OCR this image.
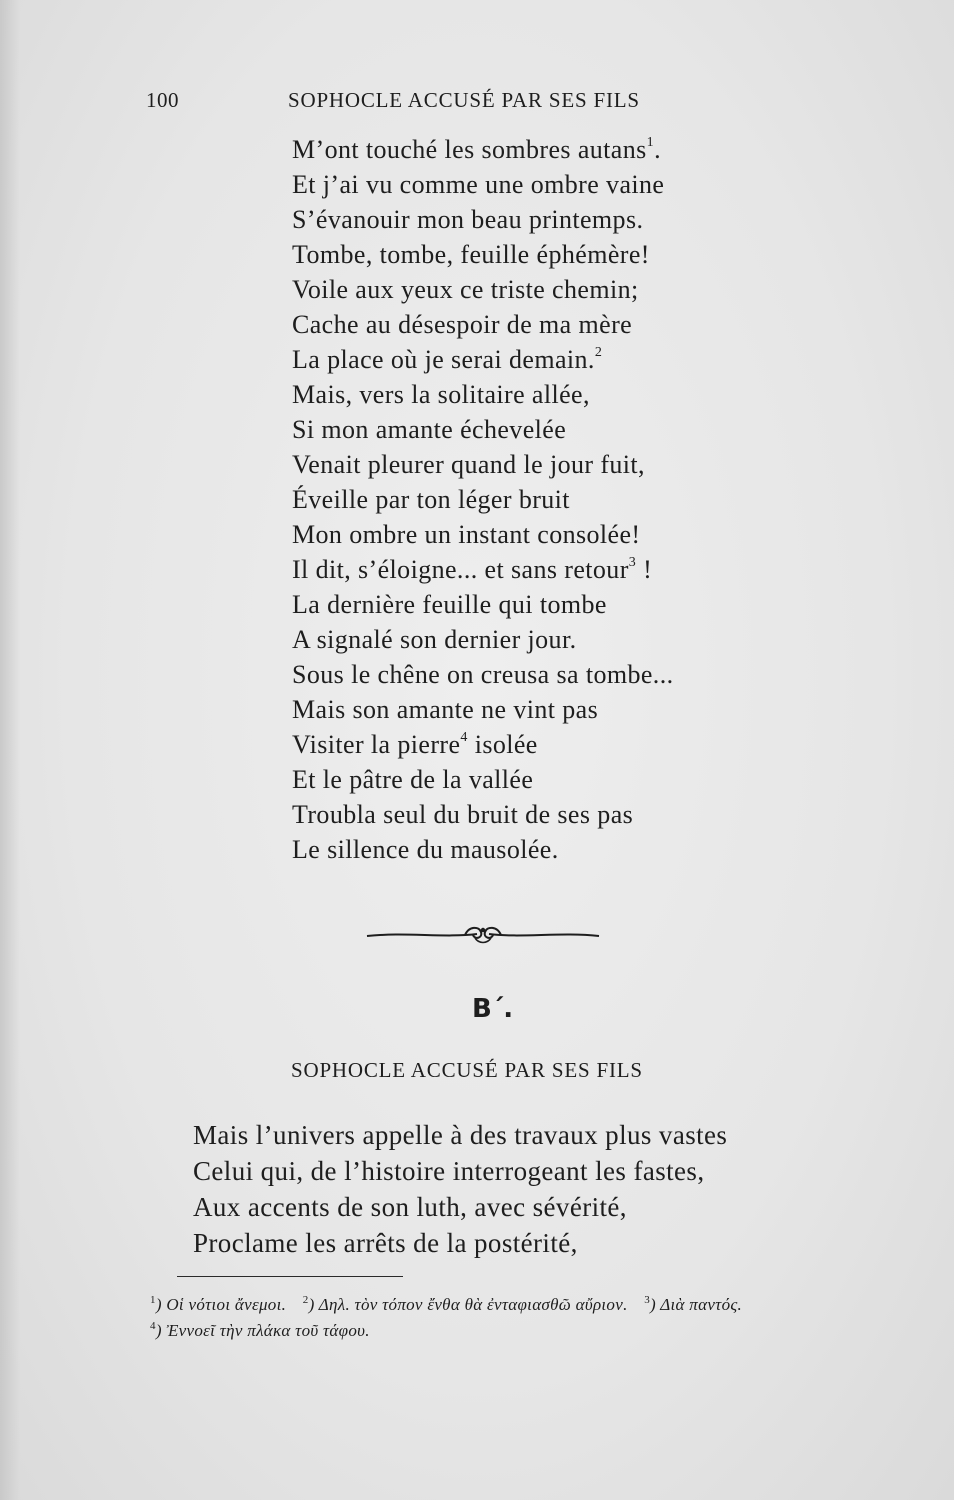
100	SOPHOCLE ACCUSÉ PAR SES FILS
M’ont touché les sombres autans$^1$.
Et j’ai vu comme une ombre vaine
S’évanouir mon beau printemps.
Tombe, tombe, feuille éphémère!
Voile aux yeux ce triste chemin;
Cache au désespoir de ma mère
La place où je serai demain.$^2$
Mais, vers la solitaire allée,
Si mon amante échevelée
Venait pleurer quand le jour fuit,
Éveille par ton léger bruit
Mon ombre un instant consolée!
Il dit, s’éloigne... et sans retour$^3$ !
La dernière feuille qui tombe
A signalé son dernier jour.
Sous le chêne on creusa sa tombe...
Mais son amante ne vint pas
Visiter la pierre$^4$ isolée
Et le pâtre de la vallée
Troubla seul du bruit de ses pas
Le sillence du mausolée.
B΄.
SOPHOCLE ACCUSÉ PAR SES FILS
Mais l’univers appelle à des travaux plus vastes
Celui qui, de l’histoire interrogeant les fastes,
Aux accents de son luth, avec sévérité,
Proclame les arrêts de la postérité,
$^1$) Οἱ νότιοι ἄνεμοι. $^2$) Δηλ. τὸν τόπον ἔνθα θὰ ἐνταφιασθῶ αὔριον. $^3$) Διὰ παντός.
$^4$) Ἐννοεῖ τὴν πλάκα τοῦ τάφου.
